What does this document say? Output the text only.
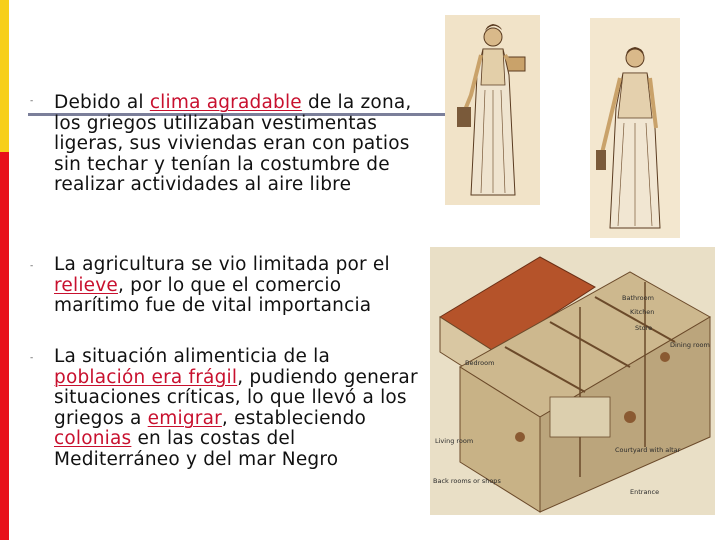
- Debido al clima agradable de la zona, los griegos utilizaban vestimentas ligeras, sus viviendas eran con patios sin techar y tenían la costumbre de realizar actividades al aire libre
- La agricultura se vio limitada por el relieve, por lo que el comercio marítimo fue de vital importancia
- La situación alimenticia de la población era frágil, pudiendo generar situaciones críticas, lo que llevó a los griegos a emigrar, estableciendo colonias en las costas del Mediterráneo y del mar Negro
Bathroom
Kitchen
Store
Dining room
Bedroom
Living room
Courtyard with altar
Back rooms or shops
Entrance
